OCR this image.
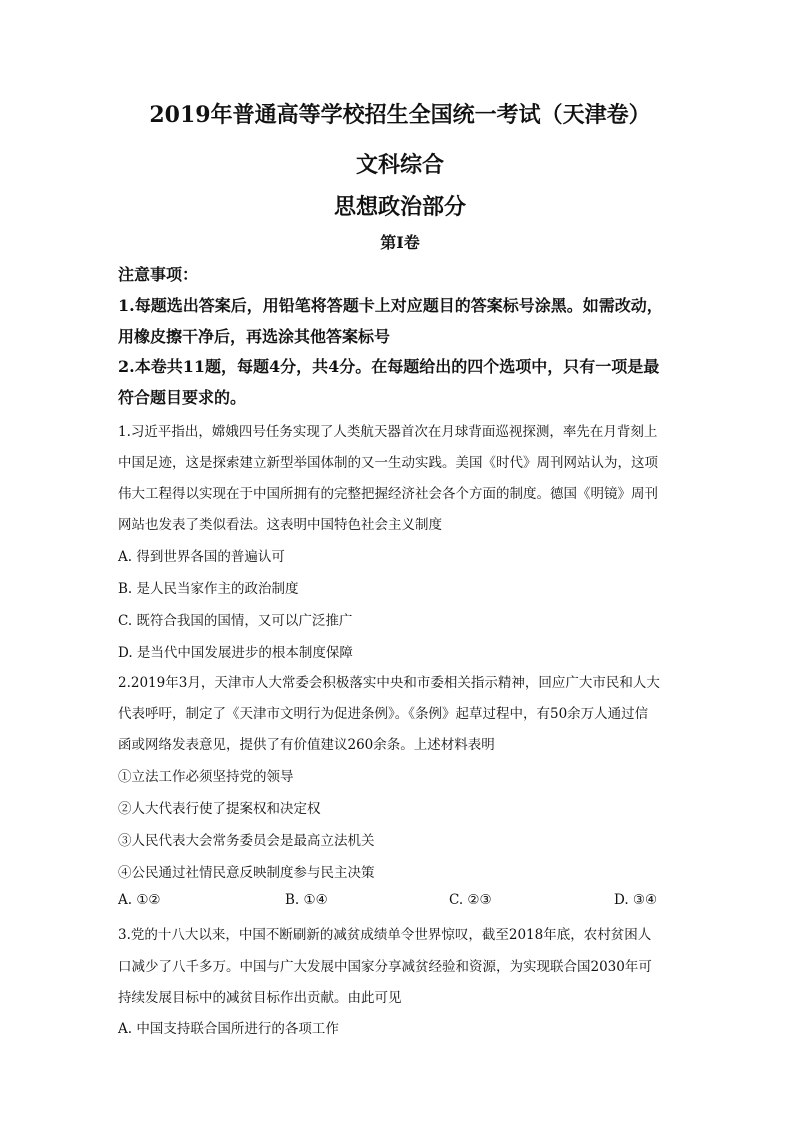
2019年普通高等学校招生全国统一考试（天津卷）
文科综合
思想政治部分
第I卷
注意事项：
1.每题选出答案后，用铅笔将答题卡上对应题目的答案标号涂黑。如需改动，
用橡皮擦干净后，再选涂其他答案标号
2.本卷共11题，每题4分，共4分。在每题给出的四个选项中，只有一项是最
符合题目要求的。
1.习近平指出，嫦娥四号任务实现了人类航天器首次在月球背面巡视探测，率先在月背刻上
中国足迹，这是探索建立新型举国体制的又一生动实践。美国《时代》周刊网站认为，这项
伟大工程得以实现在于中国所拥有的完整把握经济社会各个方面的制度。德国《明镜》周刊
网站也发表了类似看法。这表明中国特色社会主义制度
A. 得到世界各国的普遍认可
B. 是人民当家作主的政治制度
C. 既符合我国的国情，又可以广泛推广
D. 是当代中国发展进步的根本制度保障
2.2019年3月，天津市人大常委会积极落实中央和市委相关指示精神，回应广大市民和人大
代表呼吁，制定了《天津市文明行为促进条例》。《条例》起草过程中，有50余万人通过信
函或网络发表意见，提供了有价值建议260余条。上述材料表明
①立法工作必须坚持党的领导
②人大代表行使了提案权和决定权
③人民代表大会常务委员会是最高立法机关
④公民通过社情民意反映制度参与民主决策
A. ①②	B. ①④	C. ②③	D. ③④
3.党的十八大以来，中国不断刷新的减贫成绩单令世界惊叹，截至2018年底，农村贫困人
口减少了八千多万。中国与广大发展中国家分享减贫经验和资源，为实现联合国2030年可
持续发展目标中的减贫目标作出贡献。由此可见
A. 中国支持联合国所进行的各项工作
